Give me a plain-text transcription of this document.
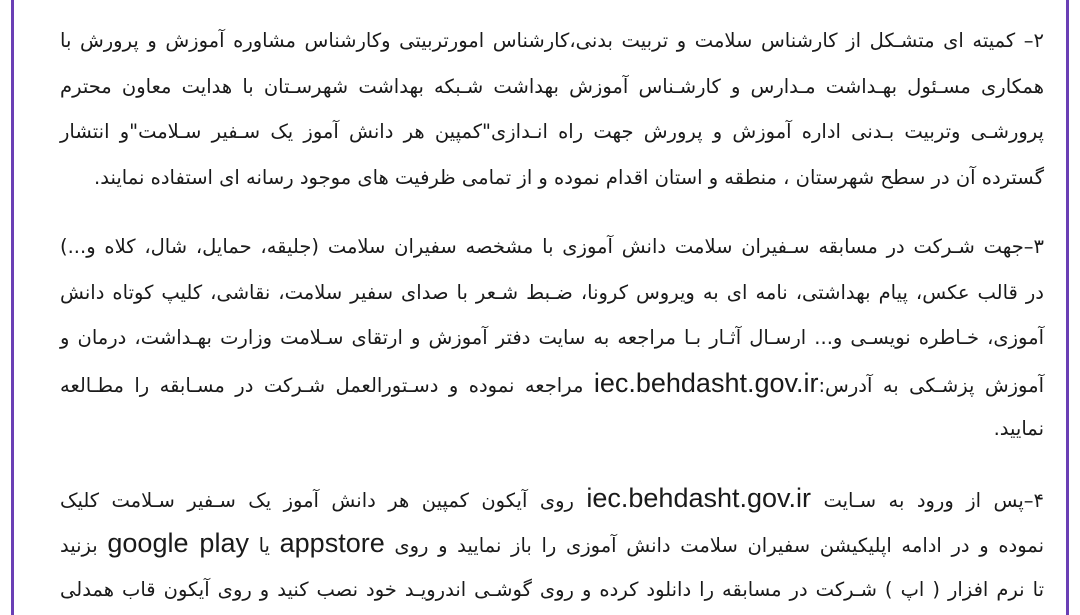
۲– کمیته ای متشـکل از کارشناس سلامت و تربیت بدنی،کارشناس امورتربیتی وکارشناس مشاوره آموزش و پرورش با
همکاری مسـئول بهـداشت مـدارس و کارشـناس آموزش بهداشت شـبکه بهداشت شهرسـتان با هدایت معاون محترم
پرورشـی وتربیت بـدنی اداره آموزش و پرورش جهت راه انـدازی"کمپین هر دانش آموز یک سـفیر سـلامت"و انتشار
گسترده آن در سطح شهرستان ، منطقه و استان اقدام نموده و از تمامی ظرفیت های موجود رسانه ای استفاده نمایند.
۳–جهت شـرکت در مسابقه سـفیران سلامت دانش آموزی با مشخصه سفیران سلامت (جلیقه، حمایل، شال، کلاه و...)
در قالب عکس، پیام بهداشتی، نامه ای به ویروس کرونا، ضـبط شـعر با صدای سفیر سلامت، نقاشی، کلیپ کوتاه دانش
آموزی، خـاطره نویسـی و... ارسـال آثـار بـا مراجعه به سایت دفتر آموزش و ارتقای سـلامت وزارت بهـداشت، درمان و
آموزش پزشـکی به آدرس:iec.behdasht.gov.ir مراجعه نموده و دسـتورالعمل شـرکت در مسـابقه را مطـالعه
نمایید.
۴–پس از ورود به سـایت iec.behdasht.gov.ir روی آیکون کمپین هر دانش آموز یک سـفیر سـلامت کلیک
نموده و در ادامه اپلیکیشن سفیران سلامت دانش آموزی را باز نمایید و روی appstore یا google play بزنید
تا نرم افزار ( اپ ) شـرکت در مسابقه را دانلود کرده و روی گوشـی اندرویـد خود نصب کنید و روی آیکون قاب همدلی
